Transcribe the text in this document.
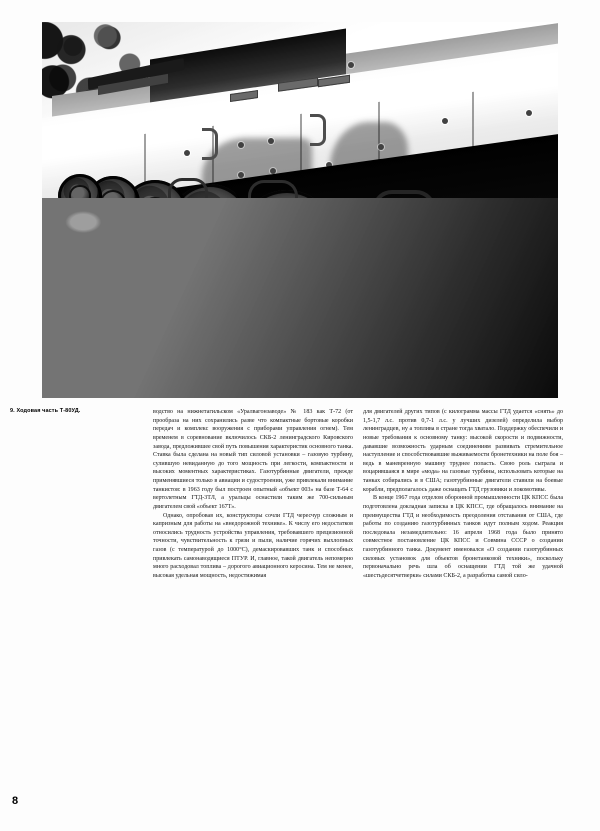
9. Ходовая часть Т-80УД.	водство на нижнетагильском «Уралвагонзаводе» № 183 как Т-72 (от прообраза на них сохранились разве что компактные бортовые коробки передач и комплекс вооружения с приборами управления огнем). Тем временем в соревнование включилось СКБ-2 ленинградского Кировского завода, предложившее свой путь повышения характеристик основного танка. Ставка была сделана на новый тип силовой установки – газовую турбину, сулившую невиданную до того мощность при легкости, компактности и высоких моментных характеристиках. Газотурбинные двигатели, прежде применявшиеся только в авиации и судостроении, уже привлекали внимание танкистов: в 1963 году был построен опытный «объект 003» на базе Т-64 с вертолетным ГТД-3ТЛ, а уральцы оснастили таким же 700-сильным двигателем свой «объект 167Т».

Однако, опробовав их, конструкторы сочли ГТД чересчур сложным и капризным для работы на «внедорожной технике». К числу его недостатков относились трудность устройства управления, требовавшего прецизионной точности, чувствительность к грязи и пыли, наличие горячих выхлопных газов (с температурой до 1000°С), демаскировавших танк и способных привлекать самонаводящиеся ПТУР. И, главное, такой двигатель непомерно много расходовал топлива – дорогого авиационного керосина. Тем не менее, высокая удельная мощность, недостижимая

для двигателей других типов (с килограмма массы ГТД удается «снять» до 1,5-1,7 л.с. против 0,7-1 л.с. у лучших дизелей) определила выбор ленинградцев, ну а топлива в стране тогда хватало. Поддержку обеспечили и новые требования к основному танку: высокой скорости и подвижности, дававшие возможность ударным соединениям развивать стремительное наступление и способствовавшие выживаемости бронетехники на поле боя – ведь в маневренную машину труднее попасть. Свою роль сыграла и воцарившаяся в мире «мода» на газовые турбины, использовать которые на танках собирались и в США; газотурбинные двигатели ставили на боевые корабли, предполагалось даже оснащать ГТД грузовики и локомотивы.

В конце 1967 года отделом оборонной промышленности ЦК КПСС была подготовлена докладная записка в ЦК КПСС, где обращалось внимание на преимущества ГТД и необходимость преодоления отставания от США, где работы по созданию газотурбинных танков идут полным ходом. Реакция последовала незамедлительно: 16 апреля 1968 года было принято совместное постановление ЦК КПСС и Совмина СССР о создании газотурбинного танка. Документ именовался «О создании газотурбинных силовых установок для объектов бронетанковой техники», поскольку первоначально речь шла об оснащении ГТД той же удачной «шестьдесятчетверки» силами СКБ-2, а разработка самой сило-

8
